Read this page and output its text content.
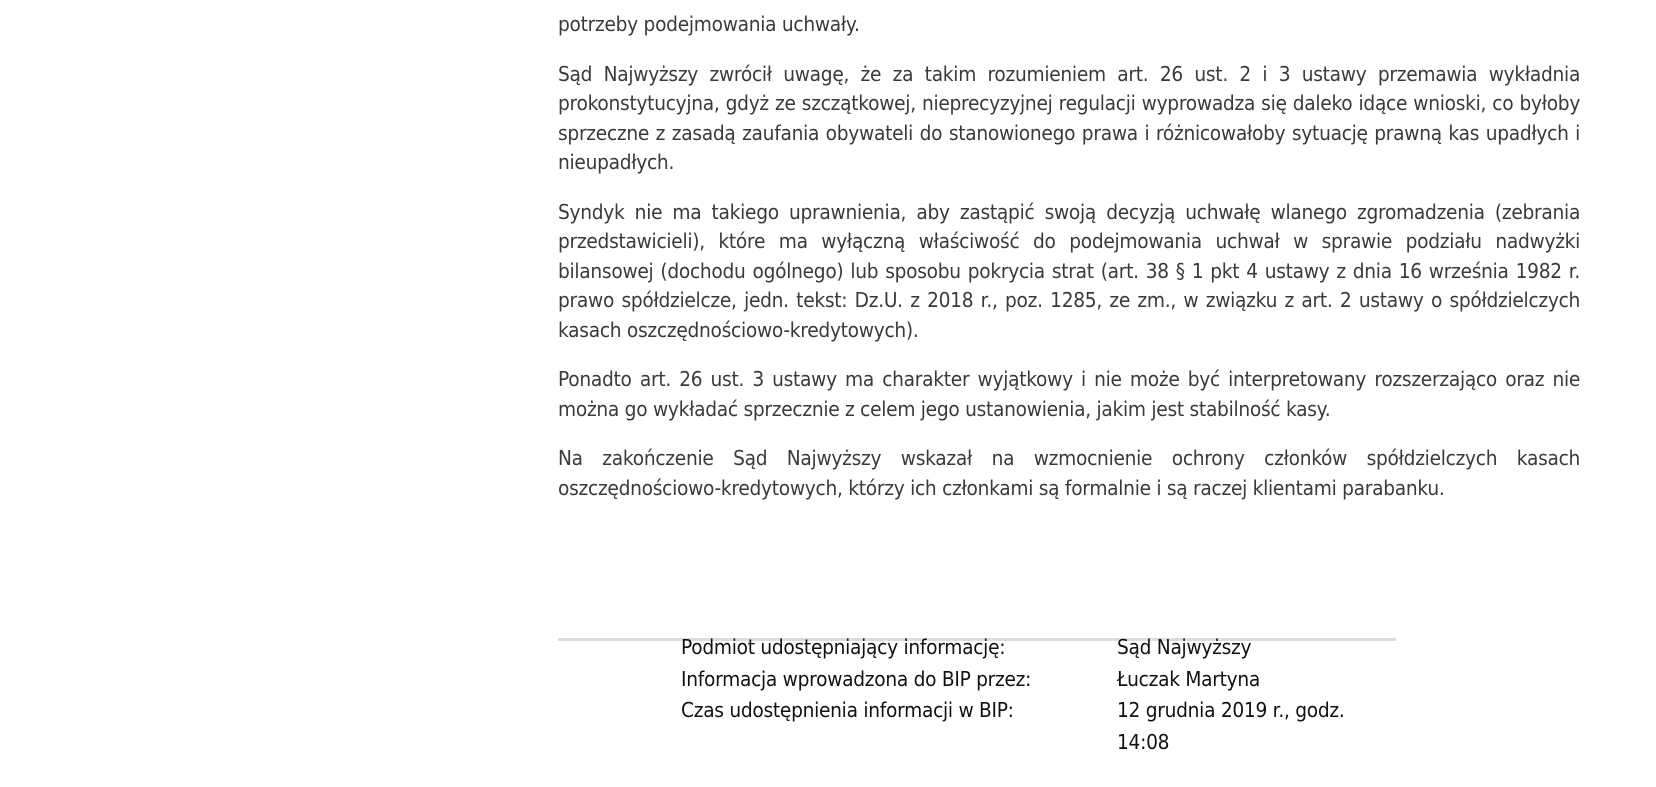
potrzeby podejmowania uchwały.

Sąd Najwyższy zwrócił uwagę, że za takim rozumieniem art. 26 ust. 2 i 3 ustawy przemawia wykładnia prokonstytucyjna, gdyż ze szczątkowej, nieprecyzyjnej regulacji wyprowadza się daleko idące wnioski, co byłoby sprzeczne z zasadą zaufania obywateli do stanowionego prawa i różnicowałoby sytuację prawną kas upadłych i nieupadłych.

Syndyk nie ma takiego uprawnienia, aby zastąpić swoją decyzją uchwałę wlanego zgromadzenia (zebrania przedstawicieli), które ma wyłączną właściwość do podejmowania uchwał w sprawie podziału nadwyżki bilansowej (dochodu ogólnego) lub sposobu pokrycia strat (art. 38 § 1 pkt 4 ustawy z dnia 16 września 1982 r. prawo spółdzielcze, jedn. tekst: Dz.U. z 2018 r., poz. 1285, ze zm., w związku z art. 2 ustawy o spółdzielczych kasach oszczędnościowo-kredytowych).

Ponadto art. 26 ust. 3 ustawy ma charakter wyjątkowy i nie może być interpretowany rozszerzająco oraz nie można go wykładać sprzecznie z celem jego ustanowienia, jakim jest stabilność kasy.

Na zakończenie Sąd Najwyższy wskazał na wzmocnienie ochrony członków spółdzielczych kasach oszczędnościowo-kredytowych, którzy ich członkami są formalnie i są raczej klientami parabanku.

Podmiot udostępniający informację:	Sąd Najwyższy
Informacja wprowadzona do BIP przez:	Łuczak Martyna
Czas udostępnienia informacji w BIP:	12 grudnia 2019 r., godz. 14:08
